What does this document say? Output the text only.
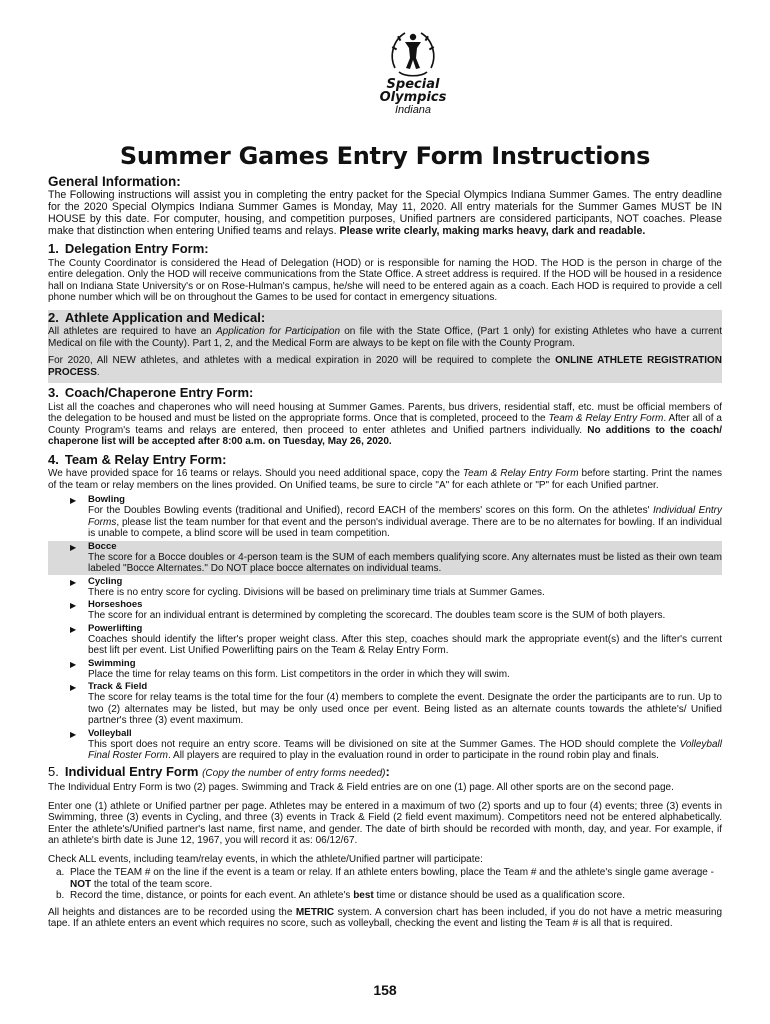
Special
Olympics
Indiana
Summer Games Entry Form Instructions
General Information:

The Following instructions will assist you in completing the entry packet for the Special Olympics Indiana Summer Games. The entry deadline for the 2020 Special Olympics Indiana Summer Games is Monday, May 11, 2020. All entry materials for the Summer Games MUST be IN HOUSE by this date. For computer, housing, and competition purposes, Unified partners are considered participants, NOT coaches. Please make that distinction when entering Unified teams and relays. Please write clearly, making marks heavy, dark and readable.

1. Delegation Entry Form:

The County Coordinator is considered the Head of Delegation (HOD) or is responsible for naming the HOD. The HOD is the person in charge of the entire delegation. Only the HOD will receive communications from the State Office. A street address is required. If the HOD will be housed in a residence hall on Indiana State University's or on Rose-Hulman's campus, he/she will need to be entered again as a coach. Each HOD is required to provide a cell phone number which will be on throughout the Games to be used for contact in emergency situations.

2. Athlete Application and Medical:

All athletes are required to have an Application for Participation on file with the State Office, (Part 1 only) for existing Athletes who have a current Medical on file with the County). Part 1, 2, and the Medical Form are always to be kept on file with the County Program.

For 2020, All NEW athletes, and athletes with a medical expiration in 2020 will be required to complete the ONLINE ATHLETE REGISTRATION PROCESS.

3. Coach/Chaperone Entry Form:

List all the coaches and chaperones who will need housing at Summer Games. Parents, bus drivers, residential staff, etc. must be official members of the delegation to be housed and must be listed on the appropriate forms. Once that is completed, proceed to the Team & Relay Entry Form. After all of a County Program's teams and relays are entered, then proceed to enter athletes and Unified partners individually. No additions to the coach/ chaperone list will be accepted after 8:00 a.m. on Tuesday, May 26, 2020.

4. Team & Relay Entry Form:

We have provided space for 16 teams or relays. Should you need additional space, copy the Team & Relay Entry Form before starting. Print the names of the team or relay members on the lines provided. On Unified teams, be sure to circle "A" for each athlete or "P" for each Unified partner.

▶	Bowling
For the Doubles Bowling events (traditional and Unified), record EACH of the members' scores on this form. On the athletes' Individual Entry Forms, please list the team number for that event and the person's individual average. There are to be no alternates for bowling. If an individual is unable to compete, a blind score will be used in team competition.
▶	Bocce
The score for a Bocce doubles or 4-person team is the SUM of each members qualifying score. Any alternates must be listed as their own team labeled "Bocce Alternates." Do NOT place bocce alternates on individual teams.
▶	Cycling
There is no entry score for cycling. Divisions will be based on preliminary time trials at Summer Games.
▶	Horseshoes
The score for an individual entrant is determined by completing the scorecard. The doubles team score is the SUM of both players.
▶	Powerlifting
Coaches should identify the lifter's proper weight class. After this step, coaches should mark the appropriate event(s) and the lifter's current best lift per event. List Unified Powerlifting pairs on the Team & Relay Entry Form.
▶	Swimming
Place the time for relay teams on this form. List competitors in the order in which they will swim.
▶	Track & Field
The score for relay teams is the total time for the four (4) members to complete the event. Designate the order the participants are to run. Up to two (2) alternates may be listed, but may be only used once per event. Being listed as an alternate counts towards the athlete's/ Unified partner's three (3) event maximum.
▶	Volleyball
This sport does not require an entry score. Teams will be divisioned on site at the Summer Games. The HOD should complete the Volleyball Final Roster Form. All players are required to play in the evaluation round in order to participate in the round robin play and finals.
5. Individual Entry Form (Copy the number of entry forms needed):

The Individual Entry Form is two (2) pages. Swimming and Track & Field entries are on one (1) page. All other sports are on the second page.

Enter one (1) athlete or Unified partner per page. Athletes may be entered in a maximum of two (2) sports and up to four (4) events; three (3) events in Swimming, three (3) events in Cycling, and three (3) events in Track & Field (2 field event maximum). Competitors need not be entered alphabetically. Enter the athlete's/Unified partner's last name, first name, and gender. The date of birth should be recorded with month, day, and year. For example, if an athlete's birth date is June 12, 1967, you will record it as: 06/12/67.

Check ALL events, including team/relay events, in which the athlete/Unified partner will participate:

a. Place the TEAM # on the line if the event is a team or relay. If an athlete enters bowling, place the Team # and the athlete's single game average - NOT the total of the team score.
b. Record the time, distance, or points for each event. An athlete's best time or distance should be used as a qualification score.

All heights and distances are to be recorded using the METRIC system. A conversion chart has been included, if you do not have a metric measuring tape. If an athlete enters an event which requires no score, such as volleyball, checking the event and listing the Team # is all that is required.

158
